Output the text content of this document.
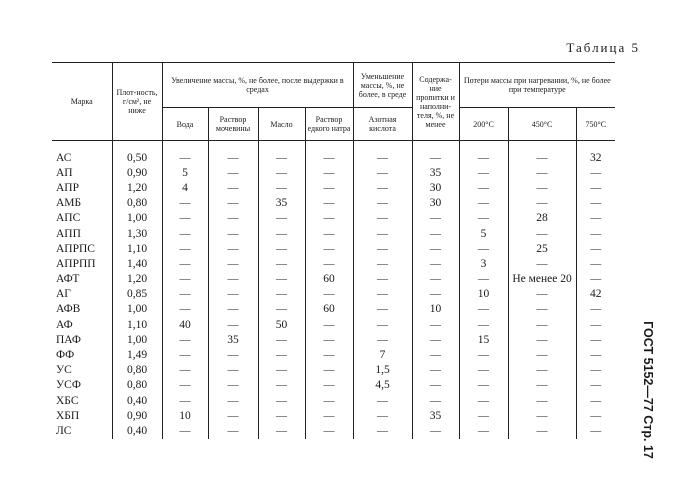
Таблица 5
Марка	Плот-ность, г/см², не ниже	Увеличение массы, %, не более, после выдержки в средах				Уменьшение массы, %, не более, в среде	Содержа-ние пропитки и наполни-теля, %, не менее	Потери массы при нагревании, %, не более при температуре		
		Вода	Раствор мочевины	Масло	Раствор едкого натра	Азотная кислота		200°С	450°С	750°С
АС	0,50	—	—	—	—	—	—	—	—	32
АП	0,90	5	—	—	—	—	35	—	—	—
АПР	1,20	4	—	—	—	—	30	—	—	—
АМБ	0,80	—	—	35	—	—	30	—	—	—
АПС	1,00	—	—	—	—	—	—	—	28	—
АПП	1,30	—	—	—	—	—	—	5	—	—
АПРПС	1,10	—	—	—	—	—	—	—	25	—
АПРПП	1,40	—	—	—	—	—	—	3	—	—
АФТ	1,20	—	—	—	60	—	—	—	Не менее 20	—
АГ	0,85	—	—	—	—	—	—	10	—	42
АФВ	1,00	—	—	—	60	—	10	—	—	—
АФ	1,10	40	—	50	—	—	—	—	—	—
ПАФ	1,00	—	35	—	—	—	—	15	—	—
ФФ	1,49	—	—	—	—	7	—	—	—	—
УС	0,80	—	—	—	—	1,5	—	—	—	—
УСФ	0,80	—	—	—	—	4,5	—	—	—	—
ХБС	0,40	—	—	—	—	—	—	—	—	—
ХБП	0,90	10	—	—	—	—	35	—	—	—
ЛС	0,40	—	—	—	—	—	—	—	—	—	ГОСТ 5152—77 Стр. 17
